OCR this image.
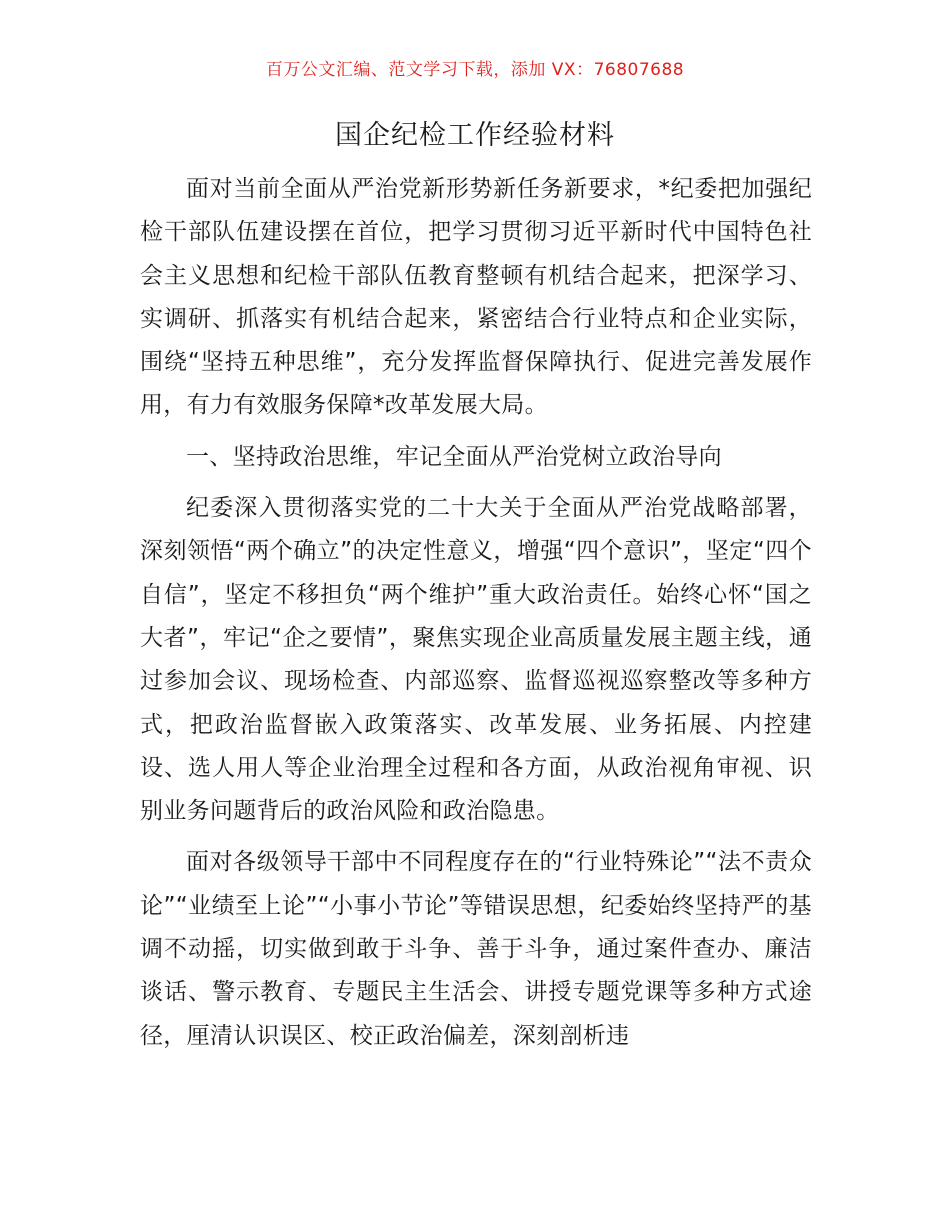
百万公文汇编、范文学习下载，添加 VX：76807688
国企纪检工作经验材料

面对当前全面从严治党新形势新任务新要求，*纪委把加强纪检干部队伍建设摆在首位，把学习贯彻习近平新时代中国特色社会主义思想和纪检干部队伍教育整顿有机结合起来，把深学习、实调研、抓落实有机结合起来，紧密结合行业特点和企业实际，围绕“坚持五种思维”，充分发挥监督保障执行、促进完善发展作用，有力有效服务保障*改革发展大局。

一、坚持政治思维，牢记全面从严治党树立政治导向

纪委深入贯彻落实党的二十大关于全面从严治党战略部署，深刻领悟“两个确立”的决定性意义，增强“四个意识”，坚定“四个自信”，坚定不移担负“两个维护”重大政治责任。始终心怀“国之大者”，牢记“企之要情”，聚焦实现企业高质量发展主题主线，通过参加会议、现场检查、内部巡察、监督巡视巡察整改等多种方式，把政治监督嵌入政策落实、改革发展、业务拓展、内控建设、选人用人等企业治理全过程和各方面，从政治视角审视、识别业务问题背后的政治风险和政治隐患。

面对各级领导干部中不同程度存在的“行业特殊论”“法不责众论”“业绩至上论”“小事小节论”等错误思想，纪委始终坚持严的基调不动摇，切实做到敢于斗争、善于斗争，通过案件查办、廉洁谈话、警示教育、专题民主生活会、讲授专题党课等多种方式途径，厘清认识误区、校正政治偏差，深刻剖析违
